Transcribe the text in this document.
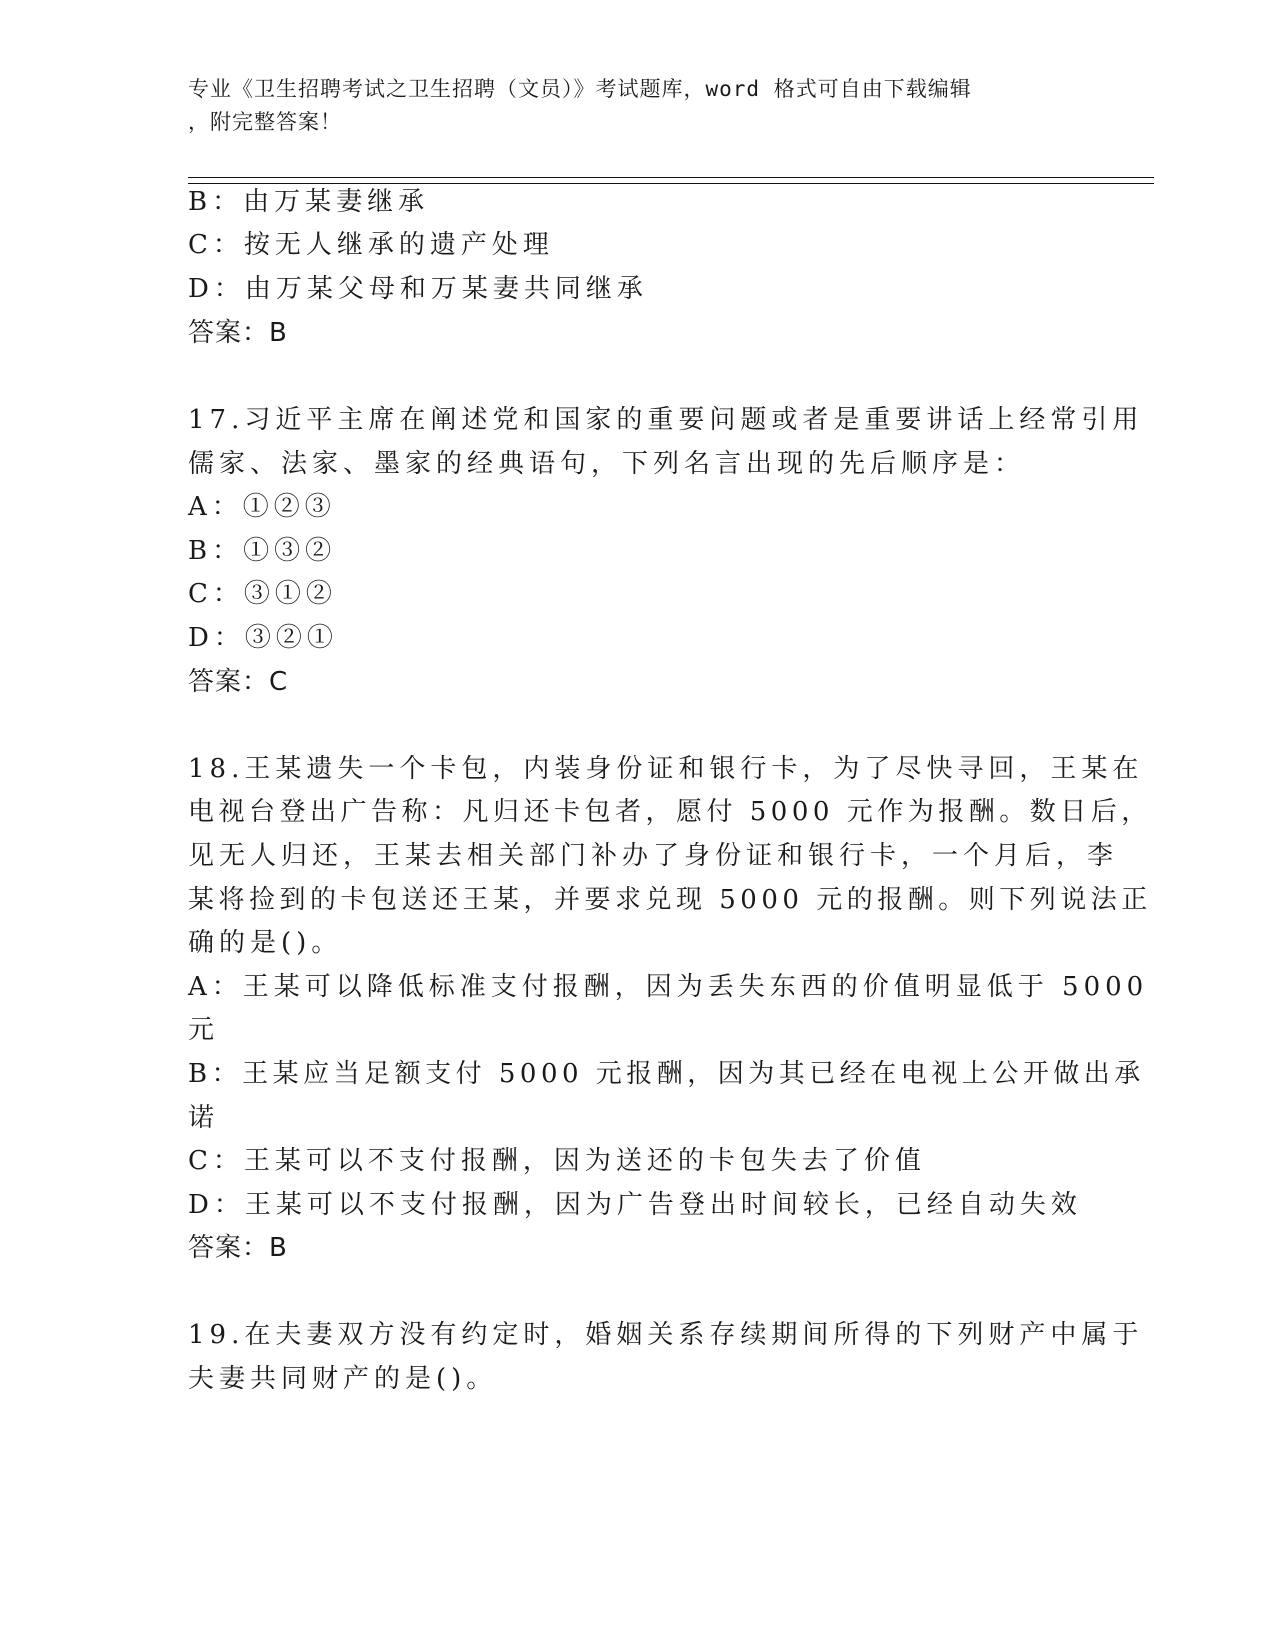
专业《卫生招聘考试之卫生招聘（文员）》考试题库，word 格式可自由下载编辑
，附完整答案！
B：由万某妻继承
C：按无人继承的遗产处理
D：由万某父母和万某妻共同继承
答案：B
17.习近平主席在阐述党和国家的重要问题或者是重要讲话上经常引用
儒家、法家、墨家的经典语句，下列名言出现的先后顺序是：
A：①②③
B：①③②
C：③①②
D：③②①
答案：C
18.王某遗失一个卡包，内装身份证和银行卡，为了尽快寻回，王某在
电视台登出广告称：凡归还卡包者，愿付 5000 元作为报酬。数日后，
见无人归还，王某去相关部门补办了身份证和银行卡，一个月后，李
某将捡到的卡包送还王某，并要求兑现 5000 元的报酬。则下列说法正
确的是()。
A：王某可以降低标准支付报酬，因为丢失东西的价值明显低于 5000
元
B：王某应当足额支付 5000 元报酬，因为其已经在电视上公开做出承
诺
C：王某可以不支付报酬，因为送还的卡包失去了价值
D：王某可以不支付报酬，因为广告登出时间较长，已经自动失效
答案：B
19.在夫妻双方没有约定时，婚姻关系存续期间所得的下列财产中属于
夫妻共同财产的是()。
